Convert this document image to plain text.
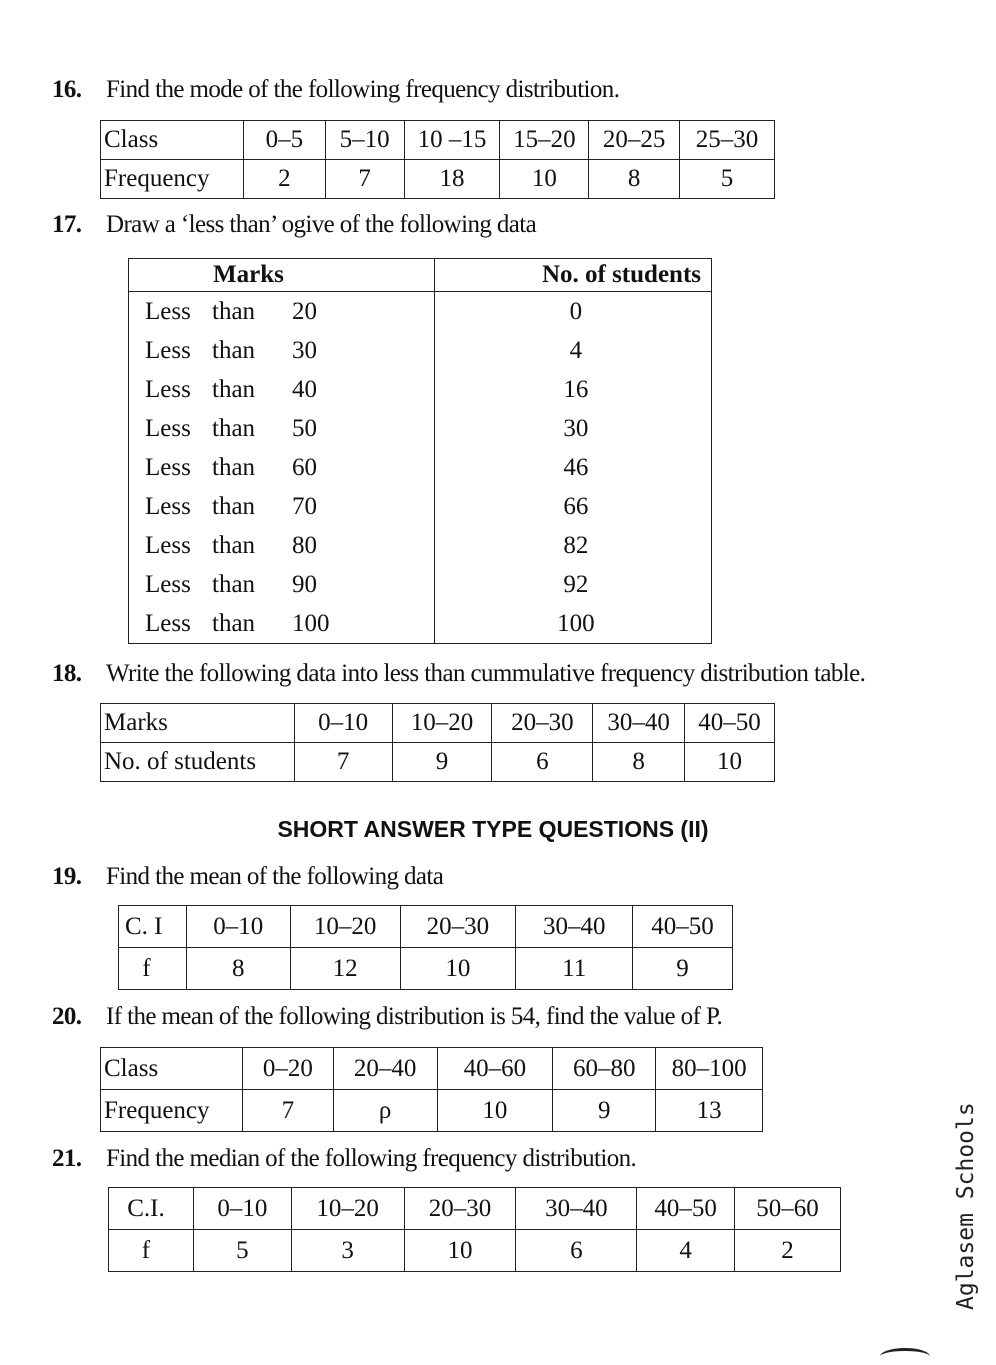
16. Find the mode of the following frequency distribution.
Class	0–5	5–10	10 –15	15–20	20–25	25–30
Frequency	2	7	18	10	8	5
17. Draw a ‘less than’ ogive of the following data
Marks	No. of students
Less than 20	0
Less than 30	4
Less than 40	16
Less than 50	30
Less than 60	46
Less than 70	66
Less than 80	82
Less than 90	92
Less than 100	100
18. Write the following data into less than cummulative frequency distribution table.
Marks	0–10	10–20	20–30	30–40	40–50
No. of students	7	9	6	8	10
SHORT ANSWER TYPE QUESTIONS (II)
19. Find the mean of the following data
C. I	0–10	10–20	20–30	30–40	40–50
f	8	12	10	11	9
20. If the mean of the following distribution is 54, find the value of P.
Class	0–20	20–40	40–60	60–80	80–100
Frequency	7	ρ	10	9	13
21. Find the median of the following frequency distribution.
C.I.	0–10	10–20	20–30	30–40	40–50	50–60
f	5	3	10	6	4	2	Aglasem Schools
